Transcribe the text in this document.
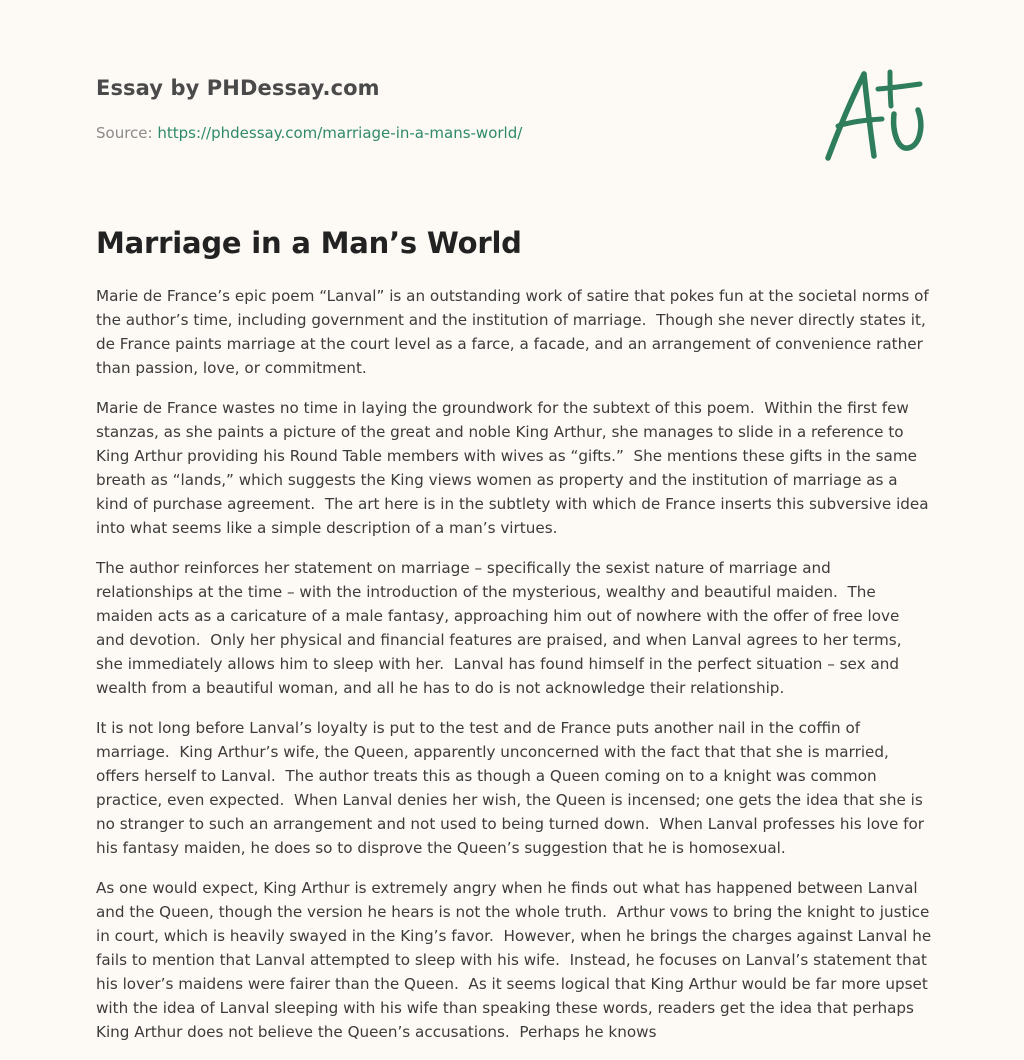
Essay by PHDessay.com
Source: https://phdessay.com/marriage-in-a-mans-world/
Marriage in a Man’s World

Marie de France’s epic poem “Lanval” is an outstanding work of satire that pokes fun at the societal norms of the author’s time, including government and the institution of marriage.  Though she never directly states it, de France paints marriage at the court level as a farce, a facade, and an arrangement of convenience rather than passion, love, or commitment.

Marie de France wastes no time in laying the groundwork for the subtext of this poem.  Within the first few stanzas, as she paints a picture of the great and noble King Arthur, she manages to slide in a reference to King Arthur providing his Round Table members with wives as “gifts.”  She mentions these gifts in the same breath as “lands,” which suggests the King views women as property and the institution of marriage as a kind of purchase agreement.  The art here is in the subtlety with which de France inserts this subversive idea into what seems like a simple description of a man’s virtues.

The author reinforces her statement on marriage – specifically the sexist nature of marriage and relationships at the time – with the introduction of the mysterious, wealthy and beautiful maiden.  The maiden acts as a caricature of a male fantasy, approaching him out of nowhere with the offer of free love and devotion.  Only her physical and financial features are praised, and when Lanval agrees to her terms, she immediately allows him to sleep with her.  Lanval has found himself in the perfect situation – sex and wealth from a beautiful woman, and all he has to do is not acknowledge their relationship.

It is not long before Lanval’s loyalty is put to the test and de France puts another nail in the coffin of marriage.  King Arthur’s wife, the Queen, apparently unconcerned with the fact that that she is married, offers herself to Lanval.  The author treats this as though a Queen coming on to a knight was common practice, even expected.  When Lanval denies her wish, the Queen is incensed; one gets the idea that she is no stranger to such an arrangement and not used to being turned down.  When Lanval professes his love for his fantasy maiden, he does so to disprove the Queen’s suggestion that he is homosexual.

As one would expect, King Arthur is extremely angry when he finds out what has happened between Lanval and the Queen, though the version he hears is not the whole truth.  Arthur vows to bring the knight to justice in court, which is heavily swayed in the King’s favor.  However, when he brings the charges against Lanval he fails to mention that Lanval attempted to sleep with his wife.  Instead, he focuses on Lanval’s statement that his lover’s maidens were fairer than the Queen.  As it seems logical that King Arthur would be far more upset with the idea of Lanval sleeping with his wife than speaking these words, readers get the idea that perhaps King Arthur does not believe the Queen’s accusations.  Perhaps he knows
